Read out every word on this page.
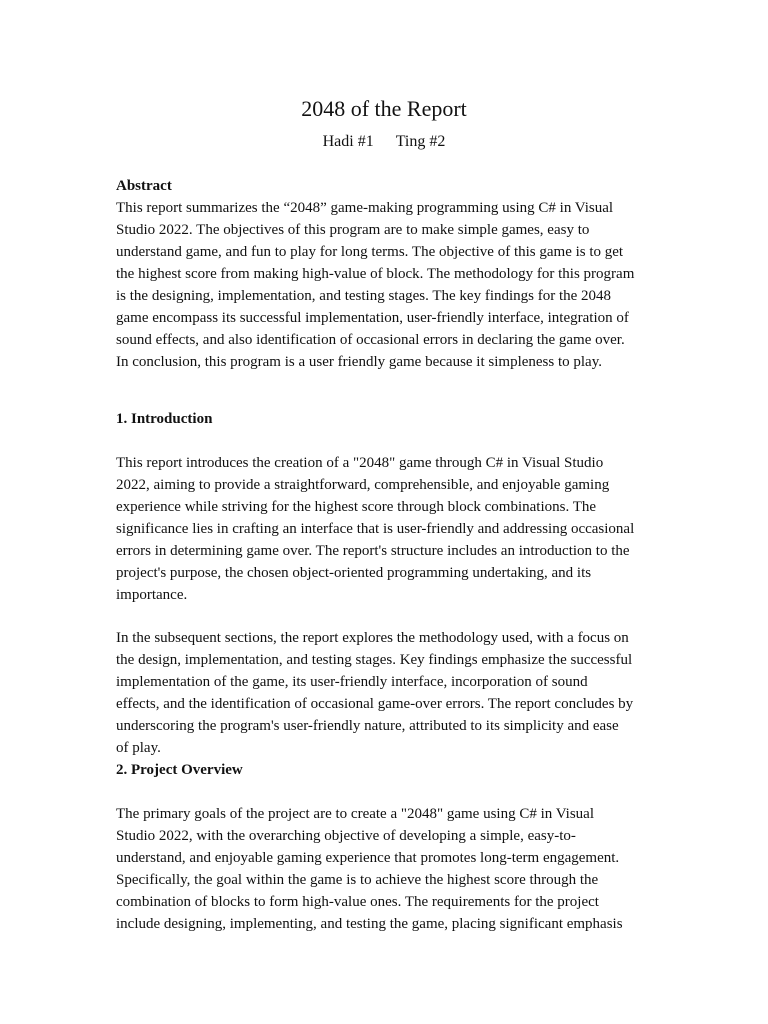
2048 of the Report

Hadi #1 Ting #2

Abstract

This report summarizes the “2048” game-making programming using C# in Visual
Studio 2022. The objectives of this program are to make simple games, easy to
understand game, and fun to play for long terms. The objective of this game is to get
the highest score from making high-value of block. The methodology for this program
is the designing, implementation, and testing stages. The key findings for the 2048
game encompass its successful implementation, user-friendly interface, integration of
sound effects, and also identification of occasional errors in declaring the game over.
In conclusion, this program is a user friendly game because it simpleness to play.

1. Introduction

This report introduces the creation of a "2048" game through C# in Visual Studio
2022, aiming to provide a straightforward, comprehensible, and enjoyable gaming
experience while striving for the highest score through block combinations. The
significance lies in crafting an interface that is user-friendly and addressing occasional
errors in determining game over. The report's structure includes an introduction to the
project's purpose, the chosen object-oriented programming undertaking, and its
importance.

In the subsequent sections, the report explores the methodology used, with a focus on
the design, implementation, and testing stages. Key findings emphasize the successful
implementation of the game, its user-friendly interface, incorporation of sound
effects, and the identification of occasional game-over errors. The report concludes by
underscoring the program's user-friendly nature, attributed to its simplicity and ease
of play.

2. Project Overview

The primary goals of the project are to create a "2048" game using C# in Visual
Studio 2022, with the overarching objective of developing a simple, easy-to-
understand, and enjoyable gaming experience that promotes long-term engagement.
Specifically, the goal within the game is to achieve the highest score through the
combination of blocks to form high-value ones. The requirements for the project
include designing, implementing, and testing the game, placing significant emphasis
